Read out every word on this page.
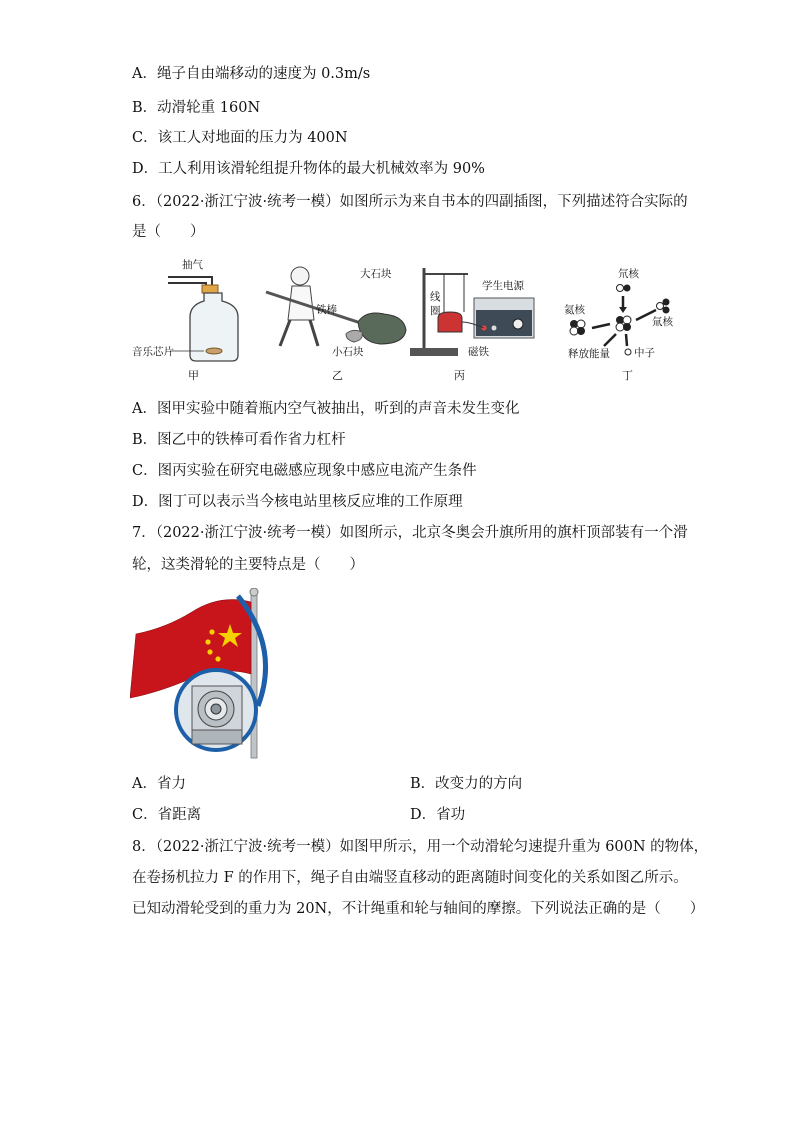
A．绳子自由端移动的速度为 0.3m/s
B．动滑轮重 160N
C．该工人对地面的压力为 400N
D．工人利用该滑轮组提升物体的最大机械效率为 90%
6．（2022·浙江宁波·统考一模）如图所示为来自书本的四副插图，下列描述符合实际的
是（　　）
抽气
音乐芯片
甲
大石块
铁棒
小石块
乙
学生电源
线圈
磁铁
丙
氘核
氚核
氦核
释放能量 中子
丁
A．图甲实验中随着瓶内空气被抽出，听到的声音未发生变化
B．图乙中的铁棒可看作省力杠杆
C．图丙实验在研究电磁感应现象中感应电流产生条件
D．图丁可以表示当今核电站里核反应堆的工作原理
7．（2022·浙江宁波·统考一模）如图所示，北京冬奥会升旗所用的旗杆顶部装有一个滑
轮，这类滑轮的主要特点是（　　）
A．省力	B．改变力的方向
C．省距离	D．省功
8．（2022·浙江宁波·统考一模）如图甲所示，用一个动滑轮匀速提升重为 600N 的物体，
在卷扬机拉力 F 的作用下，绳子自由端竖直移动的距离随时间变化的关系如图乙所示。
已知动滑轮受到的重力为 20N，不计绳重和轮与轴间的摩擦。下列说法正确的是（　　）
